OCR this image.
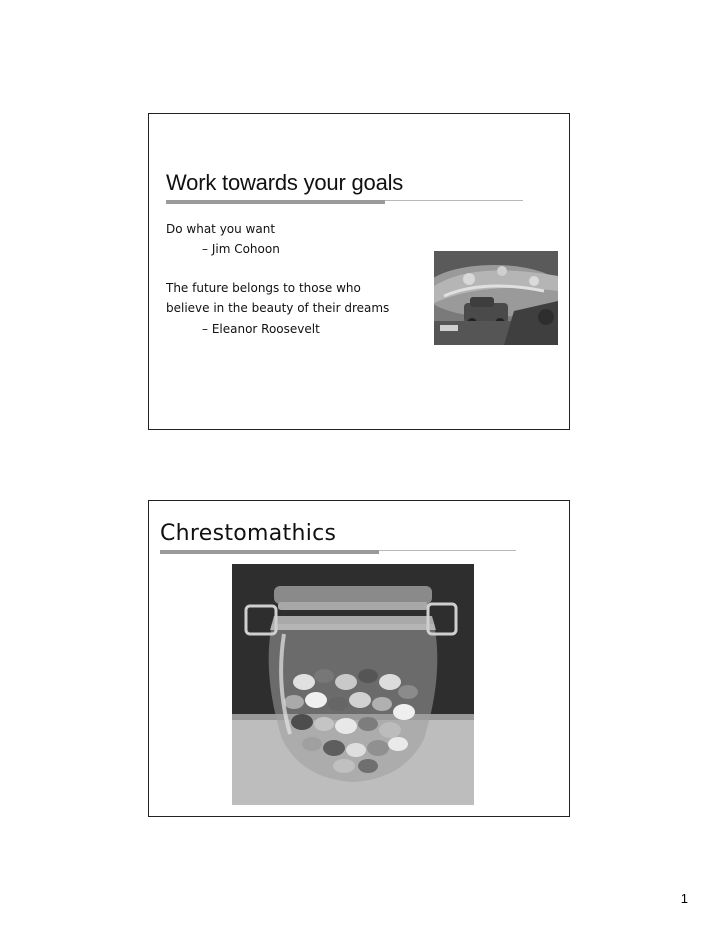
Work towards your goals
Do what you want
– Jim Cohoon
The future belongs to those who
believe in the beauty of their dreams
– Eleanor Roosevelt
Chrestomathics
1
